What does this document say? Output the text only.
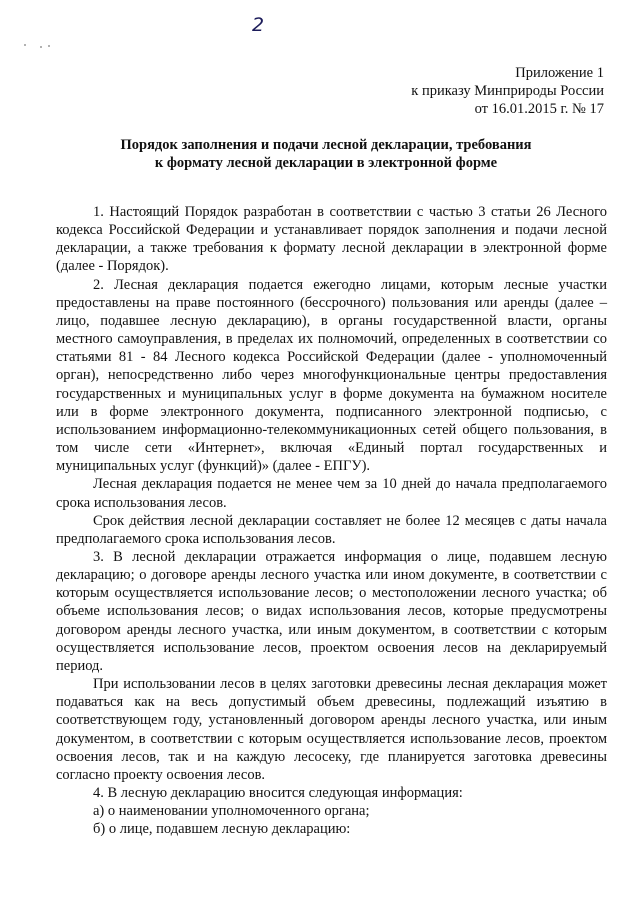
2
Приложение 1
к приказу Минприроды России
от 16.01.2015 г. № 17
Порядок заполнения и подачи лесной декларации, требования
к формату лесной декларации в электронной форме

1. Настоящий Порядок разработан в соответствии с частью 3 статьи 26 Лесного кодекса Российской Федерации и устанавливает порядок заполнения и подачи лесной декларации, а также требования к формату лесной декларации в электронной форме (далее - Порядок).

2. Лесная декларация подается ежегодно лицами, которым лесные участки предоставлены на праве постоянного (бессрочного) пользования или аренды (далее – лицо, подавшее лесную декларацию), в органы государственной власти, органы местного самоуправления, в пределах их полномочий, определенных в соответствии со статьями 81 - 84 Лесного кодекса Российской Федерации (далее - уполномоченный орган), непосредственно либо через многофункциональные центры предоставления государственных и муниципальных услуг в форме документа на бумажном носителе или в форме электронного документа, подписанного электронной подписью, с использованием информационно-телекоммуникационных сетей общего пользования, в том числе сети «Интернет», включая «Единый портал государственных и муниципальных услуг (функций)» (далее - ЕПГУ).

Лесная декларация подается не менее чем за 10 дней до начала предполагаемого срока использования лесов.

Срок действия лесной декларации составляет не более 12 месяцев с даты начала предполагаемого срока использования лесов.

3. В лесной декларации отражается информация о лице, подавшем лесную декларацию; о договоре аренды лесного участка или ином документе, в соответствии с которым осуществляется использование лесов; о местоположении лесного участка; об объеме использования лесов; о видах использования лесов, которые предусмотрены договором аренды лесного участка, или иным документом, в соответствии с которым осуществляется использование лесов, проектом освоения лесов на декларируемый период.

При использовании лесов в целях заготовки древесины лесная декларация может подаваться как на весь допустимый объем древесины, подлежащий изъятию в соответствующем году, установленный договором аренды лесного участка, или иным документом, в соответствии с которым осуществляется использование лесов, проектом освоения лесов, так и на каждую лесосеку, где планируется заготовка древесины согласно проекту освоения лесов.

4. В лесную декларацию вносится следующая информация:

а) о наименовании уполномоченного органа;

б) о лице, подавшем лесную декларацию:
